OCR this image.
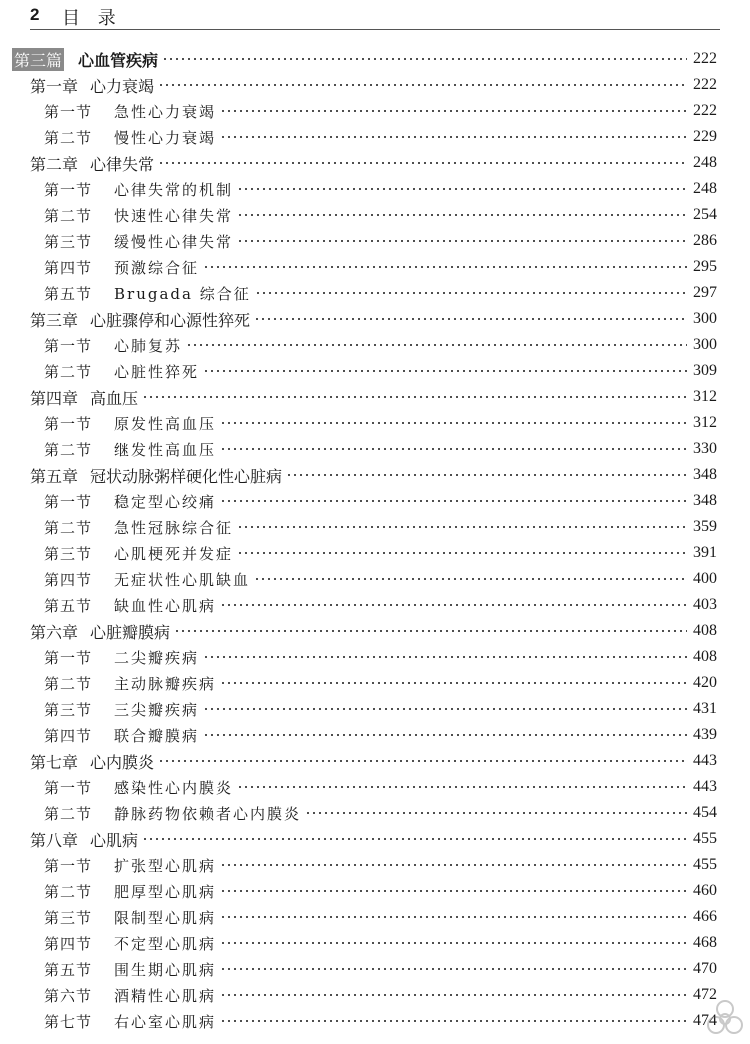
2 目 录
第三篇 心血管疾病	222
第一章 心力衰竭	222
第一节	急性心力衰竭	222
第二节	慢性心力衰竭	229
第二章 心律失常	248
第一节	心律失常的机制	248
第二节	快速性心律失常	254
第三节	缓慢性心律失常	286
第四节	预激综合征	295
第五节	Brugada 综合征	297
第三章 心脏骤停和心源性猝死	300
第一节	心肺复苏	300
第二节	心脏性猝死	309
第四章 高血压	312
第一节	原发性高血压	312
第二节	继发性高血压	330
第五章 冠状动脉粥样硬化性心脏病	348
第一节	稳定型心绞痛	348
第二节	急性冠脉综合征	359
第三节	心肌梗死并发症	391
第四节	无症状性心肌缺血	400
第五节	缺血性心肌病	403
第六章 心脏瓣膜病	408
第一节	二尖瓣疾病	408
第二节	主动脉瓣疾病	420
第三节	三尖瓣疾病	431
第四节	联合瓣膜病	439
第七章 心内膜炎	443
第一节	感染性心内膜炎	443
第二节	静脉药物依赖者心内膜炎	454
第八章 心肌病	455
第一节	扩张型心肌病	455
第二节	肥厚型心肌病	460
第三节	限制型心肌病	466
第四节	不定型心肌病	468
第五节	围生期心肌病	470
第六节	酒精性心肌病	472
第七节	右心室心肌病	474
